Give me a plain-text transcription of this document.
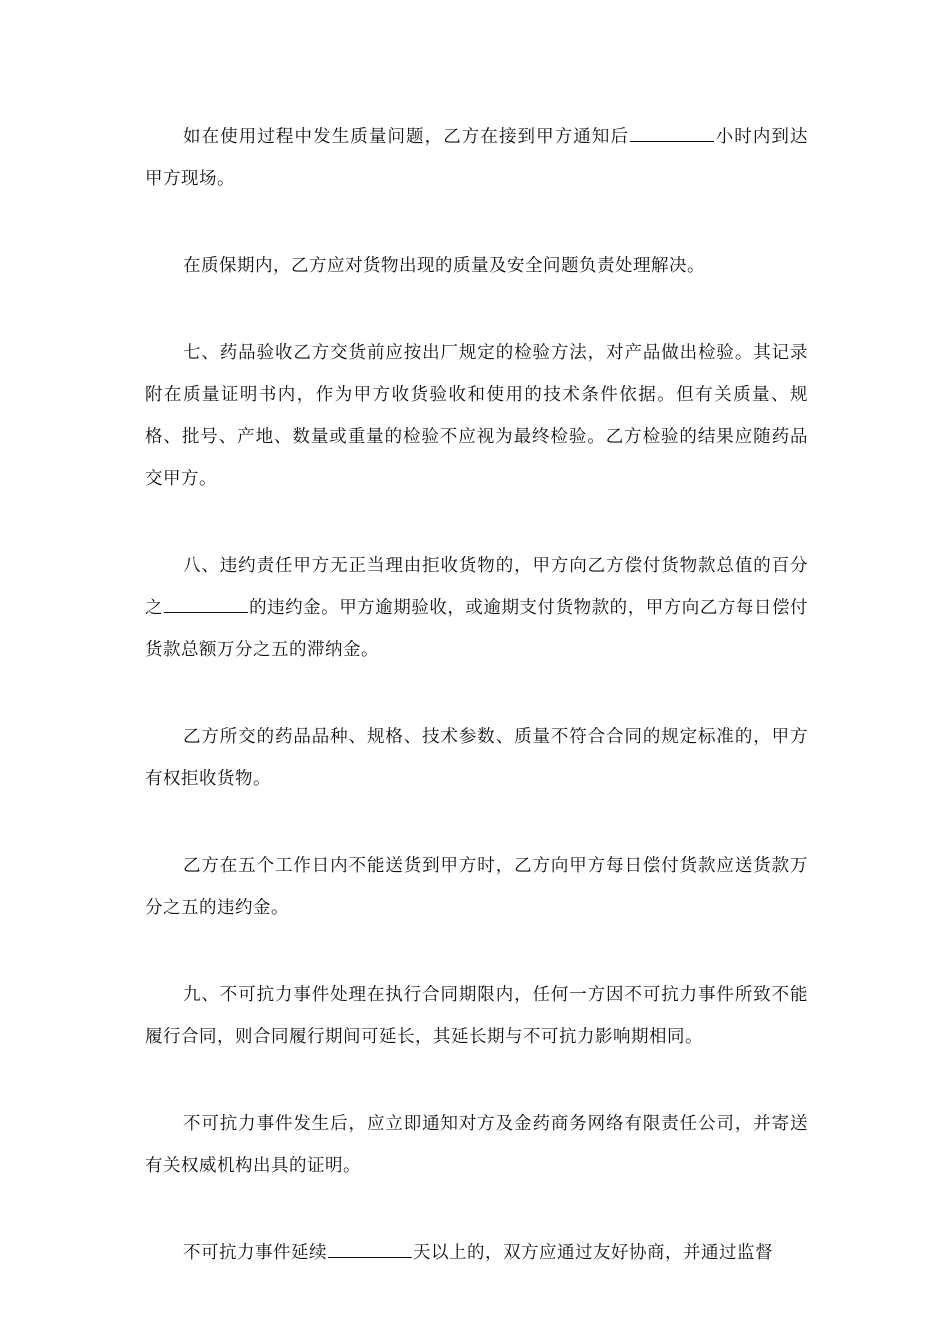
如在使用过程中发生质量问题，乙方在接到甲方通知后	小时内到达甲方现场。

在质保期内，乙方应对货物出现的质量及安全问题负责处理解决。

七、药品验收乙方交货前应按出厂规定的检验方法，对产品做出检验。其记录附在质量证明书内，作为甲方收货验收和使用的技术条件依据。但有关质量、规格、批号、产地、数量或重量的检验不应视为最终检验。乙方检验的结果应随药品交甲方。

八、违约责任甲方无正当理由拒收货物的，甲方向乙方偿付货物款总值的百分之	的违约金。甲方逾期验收，或逾期支付货物款的，甲方向乙方每日偿付货款总额万分之五的滞纳金。

乙方所交的药品品种、规格、技术参数、质量不符合合同的规定标准的，甲方有权拒收货物。

乙方在五个工作日内不能送货到甲方时，乙方向甲方每日偿付货款应送货款万分之五的违约金。

九、不可抗力事件处理在执行合同期限内，任何一方因不可抗力事件所致不能履行合同，则合同履行期间可延长，其延长期与不可抗力影响期相同。

不可抗力事件发生后，应立即通知对方及金药商务网络有限责任公司，并寄送有关权威机构出具的证明。

不可抗力事件延续	天以上的，双方应通过友好协商，并通过监督
